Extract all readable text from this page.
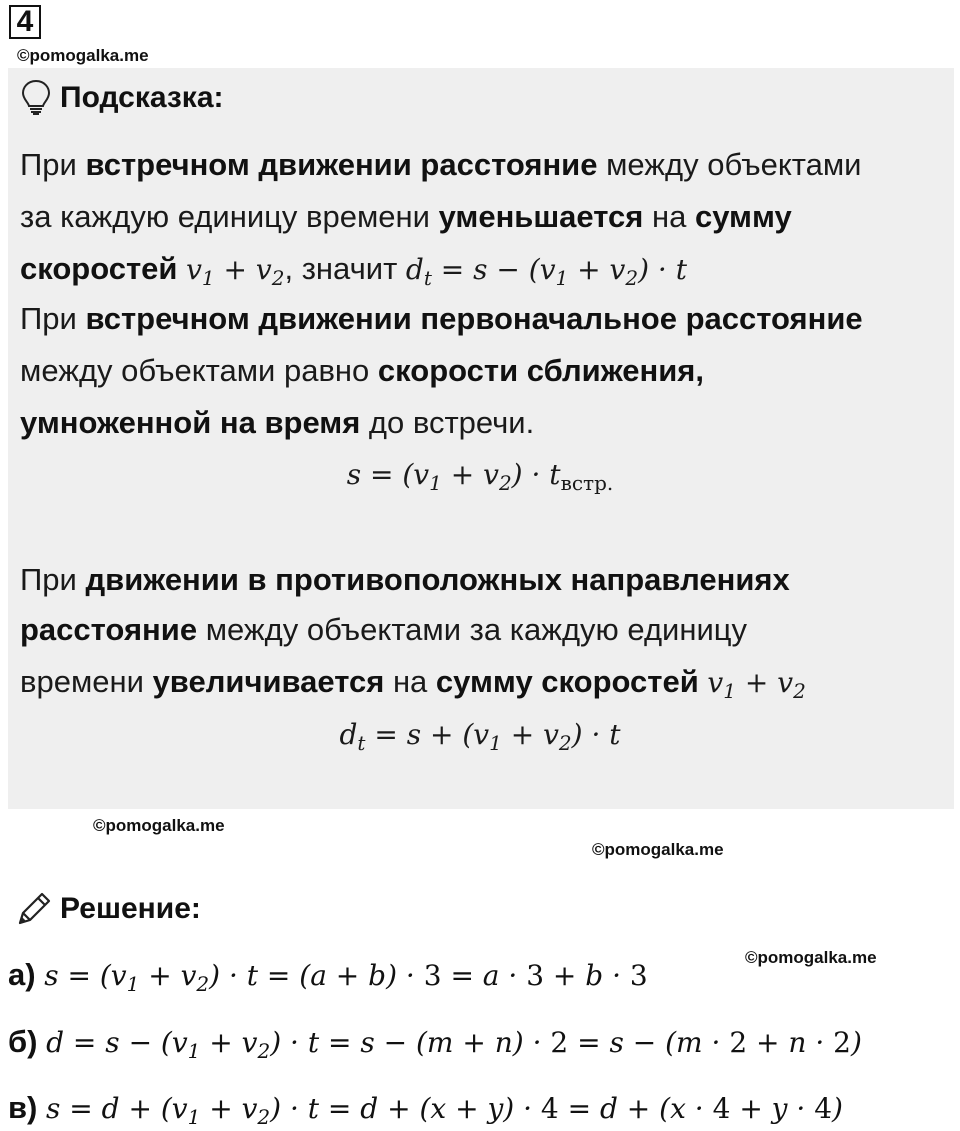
4
©pomogalka.me
Подсказка:
При встречном движении расстояние между объектами
за каждую единицу времени уменьшается на сумму
скоростей $v_1 + v_2$, значит $d_t = s - (v_1 + v_2) \cdot t$
При встречном движении первоначальное расстояние
между объектами равно скорости сближения,
умноженной на время до встречи.
$s = (v_1 + v_2) \cdot t_{встр.}$
При движении в противоположных направлениях
расстояние между объектами за каждую единицу
времени увеличивается на сумму скоростей $v_1 + v_2$
$d_t = s + (v_1 + v_2) \cdot t$
©pomogalka.me
©pomogalka.me
Решение:
©pomogalka.me
а) $s = (v_1 + v_2) \cdot t = (a + b) \cdot 3 = a \cdot 3 + b \cdot 3$
б) $d = s - (v_1 + v_2) \cdot t = s - (m + n) \cdot 2 = s - (m \cdot 2 + n \cdot 2)$
в) $s = d + (v_1 + v_2) \cdot t = d + (x + y) \cdot 4 = d + (x \cdot 4 + y \cdot 4)$
